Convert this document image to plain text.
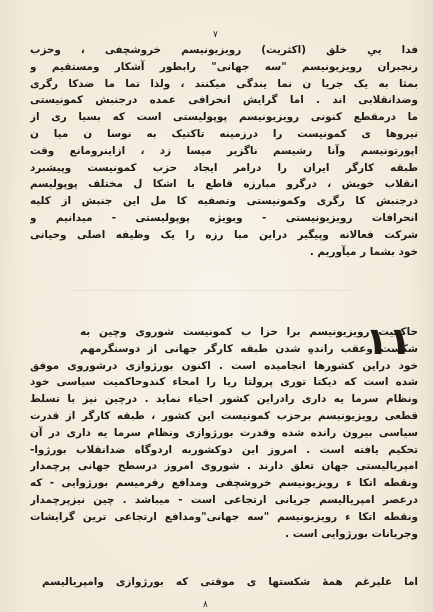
٧
فدا ییِ خلق (اکثریت) رویزیونیسم خروشچفی ، وحزب
رنجبران رویزیونیسم "سه جهانی" رابطور آشکار ومستقیم و
بمثا به یک جریا ن نما یندگی میکنند ، ولذا تما ما ضدکا رگری
وضدانقلابی اند . اما گرایش انحرافی عمده درجنبش کمونیستی
ما درمقطع کنونی رویزیونیسم پوپولیستی است که بسیا ری از
نیروها ی کمونیست را درزمینه تاکتیک به نوسا ن میا ن
اپورتونیسم وآنا رشیسم ناگزیر میسا زد ، ازاینرومانع وقت
طبقه کارگر ایران را درامر ایجاد حزب کمونیست وپیشبرد
انقلاب خویش ، درگرو مبارزه قاطع با اشکا ل مختلف پوپولیسم
درجنبش کا رگری وکمونیستی وتصفیه کا مل این جنبش از کلیه
انحرافات رویزیونیستی - وبویژه پوپولیستی - میدانیم و
شرکت فعالانه وپیگیر دراین مبا رزه را یک وظیفه اصلی وحیاتی
خود بشما ر میآوریم .
١١
حاکمیت رویزیونیسم برا حزا ب کمونیست شوروی وچین به
شکست وعقب راندهِ شدن طبقه کارگر جهانی از دوسنگرمهم
خود دراین کشورها انجامیده است . اکنون بورژوازی درشوروی موفق
شده است که دیکتا توری پرولتا ریا را امحاء کندوحاکمیت سیاسی خود
ونظام سرما یه داری رادراین کشور احیاء نماید . درچین نیز با تسلط
قطعی رویزیونیسم برحزب کمونیست این کشور ، طبقه کارگر از قدرت
سیاسی بیرون رانده شده وقدرت بورژوازی ونظام سرما یه داری در آن
تحکیم یافته است . امروز این دوکشوربه اردوگاه ضدانقلاب بورژوا-
امپریالیستی جهان تعلق دارند . شوروی امروز درسطح جهانی پرچمدار
ونقطه اتکا ء رویزیونیسم خروشچفی ومدافع رفرمیسم بورژوایی - که
درعصر امپریالیسم جریانی ارتجاعی است - میباشد . چین نیزپرچمدار
ونقطه اتکا ء رویزیونیسم "سه جهانی"ومدافع ارتجاعی ترین گرایشات
وجریانات بورژوایی است .
اما علیرغم همهٔ شکستها ی موقتی که بورژوازی وامپریالیسم
٨
